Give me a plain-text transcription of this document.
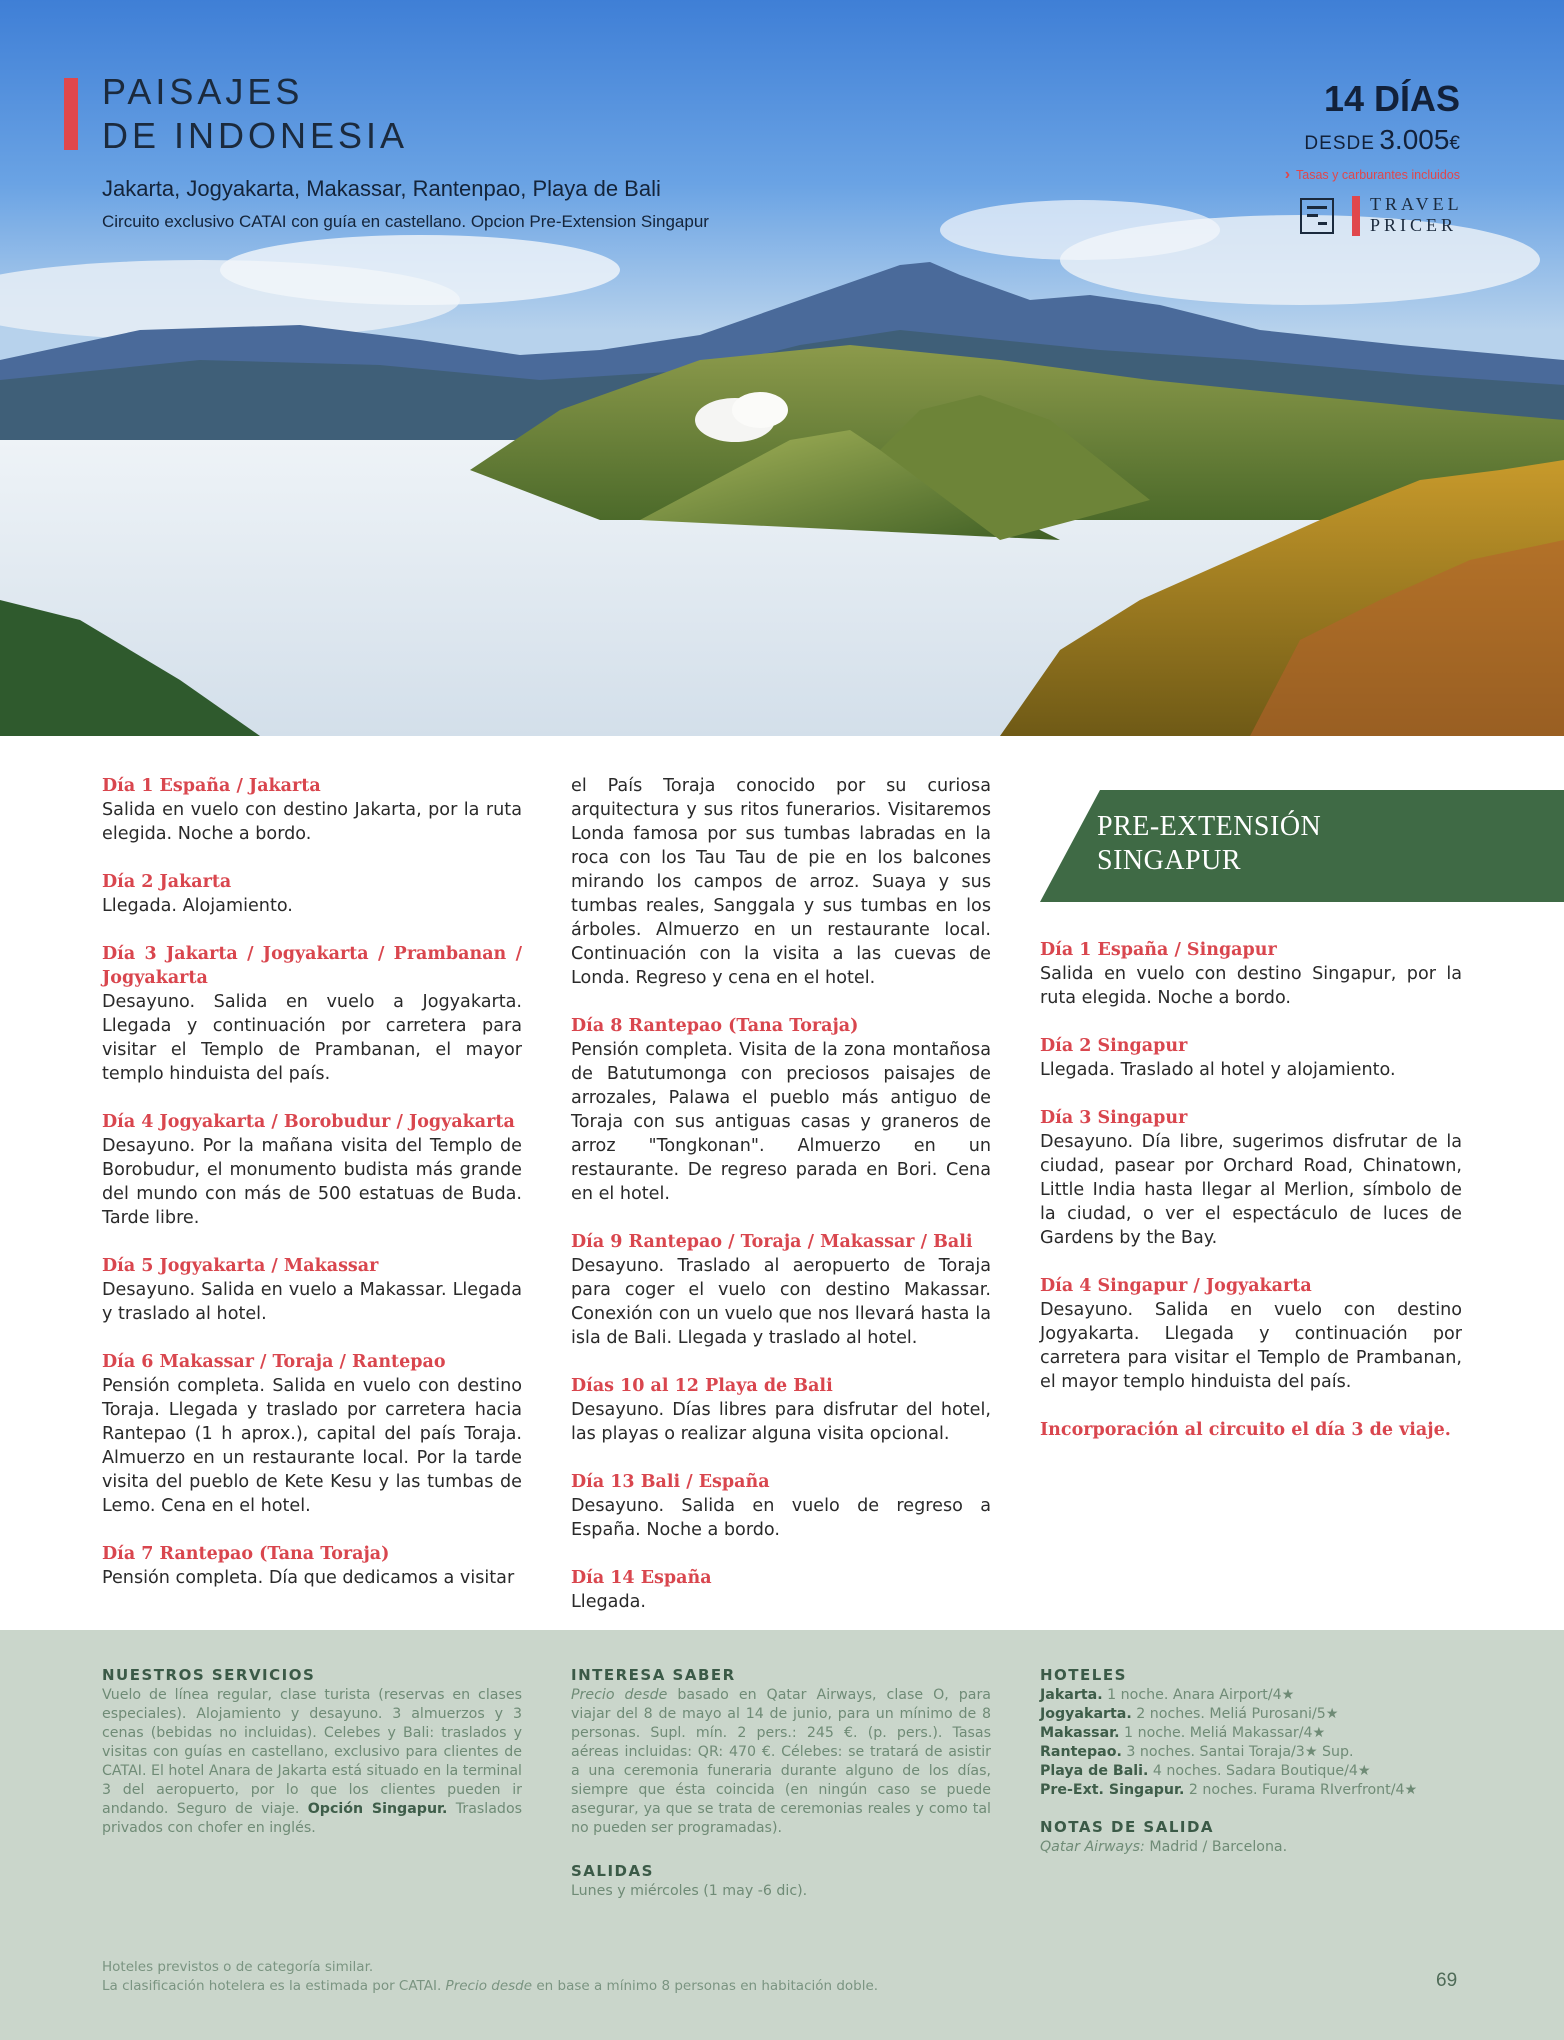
PAISAJES
DE INDONESIA
Jakarta, Jogyakarta, Makassar, Rantenpao, Playa de Bali
Circuito exclusivo CATAI con guía en castellano. Opcion Pre-Extension Singapur
14 DÍAS
DESDE 3.005€
› Tasas y carburantes incluidos
TRAVEL
PRICER
Día 1 España / Jakarta

Salida en vuelo con destino Jakarta, por la ruta elegida. Noche a bordo.

Día 2 Jakarta

Llegada. Alojamiento.

Día 3 Jakarta / Jogyakarta / Prambanan / Jogyakarta

Desayuno. Salida en vuelo a Jogyakarta. Llegada y continuación por carretera para visitar el Templo de Prambanan, el mayor templo hinduista del país.

Día 4 Jogyakarta / Borobudur / Jogyakarta

Desayuno. Por la mañana visita del Templo de Borobudur, el monumento budista más grande del mundo con más de 500 estatuas de Buda. Tarde libre.

Día 5 Jogyakarta / Makassar

Desayuno. Salida en vuelo a Makassar. Llegada y traslado al hotel.

Día 6 Makassar / Toraja / Rantepao

Pensión completa. Salida en vuelo con destino Toraja. Llegada y traslado por carretera hacia Rantepao (1 h aprox.), capital del país Toraja. Almuerzo en un restaurante local. Por la tarde visita del pueblo de Kete Kesu y las tumbas de Lemo. Cena en el hotel.

Día 7 Rantepao (Tana Toraja)

Pensión completa. Día que dedicamos a visitar

el País Toraja conocido por su curiosa arquitectura y sus ritos funerarios. Visitaremos Londa famosa por sus tumbas labradas en la roca con los Tau Tau de pie en los balcones mirando los campos de arroz. Suaya y sus tumbas reales, Sanggala y sus tumbas en los árboles. Almuerzo en un restaurante local. Continuación con la visita a las cuevas de Londa. Regreso y cena en el hotel.

Día 8 Rantepao (Tana Toraja)

Pensión completa. Visita de la zona montañosa de Batutumonga con preciosos paisajes de arrozales, Palawa el pueblo más antiguo de Toraja con sus antiguas casas y graneros de arroz "Tongkonan". Almuerzo en un restaurante. De regreso parada en Bori. Cena en el hotel.

Día 9 Rantepao / Toraja / Makassar / Bali

Desayuno. Traslado al aeropuerto de Toraja para coger el vuelo con destino Makassar. Conexión con un vuelo que nos llevará hasta la isla de Bali. Llegada y traslado al hotel.

Días 10 al 12 Playa de Bali

Desayuno. Días libres para disfrutar del hotel, las playas o realizar alguna visita opcional.

Día 13 Bali / España

Desayuno. Salida en vuelo de regreso a España. Noche a bordo.

Día 14 España

Llegada.

PRE-EXTENSIÓN
SINGAPUR
Día 1 España / Singapur

Salida en vuelo con destino Singapur, por la ruta elegida. Noche a bordo.

Día 2 Singapur

Llegada. Traslado al hotel y alojamiento.

Día 3 Singapur

Desayuno. Día libre, sugerimos disfrutar de la ciudad, pasear por Orchard Road, Chinatown, Little India hasta llegar al Merlion, símbolo de la ciudad, o ver el espectáculo de luces de Gardens by the Bay.

Día 4 Singapur / Jogyakarta

Desayuno. Salida en vuelo con destino Jogyakarta. Llegada y continuación por carretera para visitar el Templo de Prambanan, el mayor templo hinduista del país.

Incorporación al circuito el día 3 de viaje.
NUESTROS SERVICIOS

Vuelo de línea regular, clase turista (reservas en clases especiales). Alojamiento y desayuno. 3 almuerzos y 3 cenas (bebidas no incluidas). Celebes y Bali: traslados y visitas con guías en castellano, exclusivo para clientes de CATAI. El hotel Anara de Jakarta está situado en la terminal 3 del aeropuerto, por lo que los clientes pueden ir andando. Seguro de viaje. Opción Singapur. Traslados privados con chofer en inglés.

INTERESA SABER

Precio desde basado en Qatar Airways, clase O, para viajar del 8 de mayo al 14 de junio, para un mínimo de 8 personas. Supl. mín. 2 pers.: 245 €. (p. pers.). Tasas aéreas incluidas: QR: 470 €. Célebes: se tratará de asistir a una ceremonia funeraria durante alguno de los días, siempre que ésta coincida (en ningún caso se puede asegurar, ya que se trata de ceremonias reales y como tal no pueden ser programadas).

SALIDAS

Lunes y miércoles (1 may -6 dic).

HOTELES
Jakarta. 1 noche. Anara Airport/4★
Jogyakarta. 2 noches. Meliá Purosani/5★
Makassar. 1 noche. Meliá Makassar/4★
Rantepao. 3 noches. Santai Toraja/3★ Sup.
Playa de Bali. 4 noches. Sadara Boutique/4★
Pre-Ext. Singapur. 2 noches. Furama RIverfront/4★
NOTAS DE SALIDA

Qatar Airways: Madrid / Barcelona.

Hoteles previstos o de categoría similar.
La clasificación hotelera es la estimada por CATAI. Precio desde en base a mínimo 8 personas en habitación doble.	69
